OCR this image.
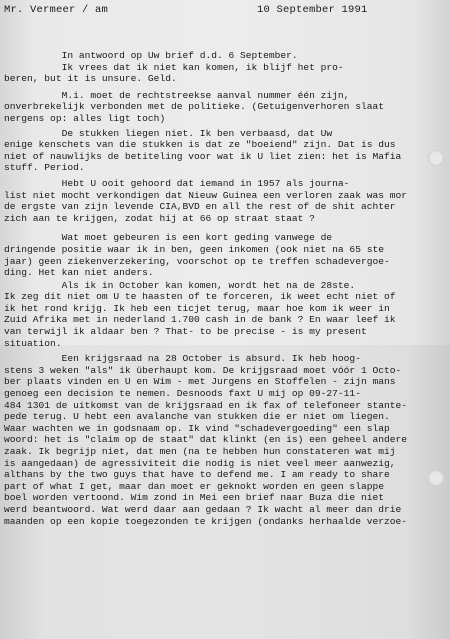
Mr. Vermeer / am	10 September 1991
In antwoord op Uw brief d.d. 6 September.
Ik vrees dat ik niet kan komen, ik blijf het pro-
beren, but it is unsure. Geld.
M.i. moet de rechtstreekse aanval nummer één zijn,
onverbrekelijk verbonden met de politieke. (Getuigenverhoren slaat
nergens op: alles ligt toch)
De stukken liegen niet. Ik ben verbaasd, dat Uw
enige kenschets van die stukken is dat ze "boeiend" zijn. Dat is dus
niet of nauwlijks de betiteling voor wat ik U liet zien: het is Mafia
stuff. Period.
Hebt U ooit gehoord dat iemand in 1957 als journa-
list niet mocht verkondigen dat Nieuw Guinea een verloren zaak was mor
de ergste van zijn levende CIA,BVD en all the rest of de shit achter
zich aan te krijgen, zodat hij at 66 op straat staat ?
Wat moet gebeuren is een kort geding vanwege de
dringende positie waar ik in ben, geen inkomen (ook niet na 65 ste
jaar) geen ziekenverzekering, voorschot op te treffen schadevergoe-
ding. Het kan niet anders.
Als ik in October kan komen, wordt het na de 28ste.
Ik zeg dit niet om U te haasten of te forceren, ik weet echt niet of
ik het rond krijg. Ik heb een ticjet terug, maar hoe kom ik weer in
Zuid Afrika met in nederland 1.700 cash in de bank ? En waar leef ik
van terwijl ik aldaar ben ? That- to be precise - is my present
situation.
Een krijgsraad na 28 October is absurd. Ik heb hoog-
stens 3 weken "als" ik überhaupt kom. De krijgsraad moet vóór 1 Octo-
ber plaats vinden en U en Wim - met Jurgens en Stoffelen - zijn mans
genoeg een decision te nemen. Desnoods faxt U mij op 09-27-11-
484 1301 de uitkomst van de krijgsraad en ik fax of telefoneer stante-
pede terug. U hebt een avalanche van stukken die er niet om liegen.
Waar wachten we in godsnaam op. Ik vind "schadevergoeding" een slap
woord: het is "claim op de staat" dat klinkt (en is) een geheel andere
zaak. Ik begrijp niet, dat men (na te hebben hun constateren wat mij
is aangedaan) de agressiviteit die nodig is niet veel meer aanwezig,
althans by the two guys that have to defend me. I am ready to share
part of what I get, maar dan moet er geknokt worden en geen slappe
boel worden vertoond. Wim zond in Mei een brief naar Buza die niet
werd beantwoord. Wat werd daar aan gedaan ? Ik wacht al meer dan drie
maanden op een kopie toegezonden te krijgen (ondanks herhaalde verzoe-
